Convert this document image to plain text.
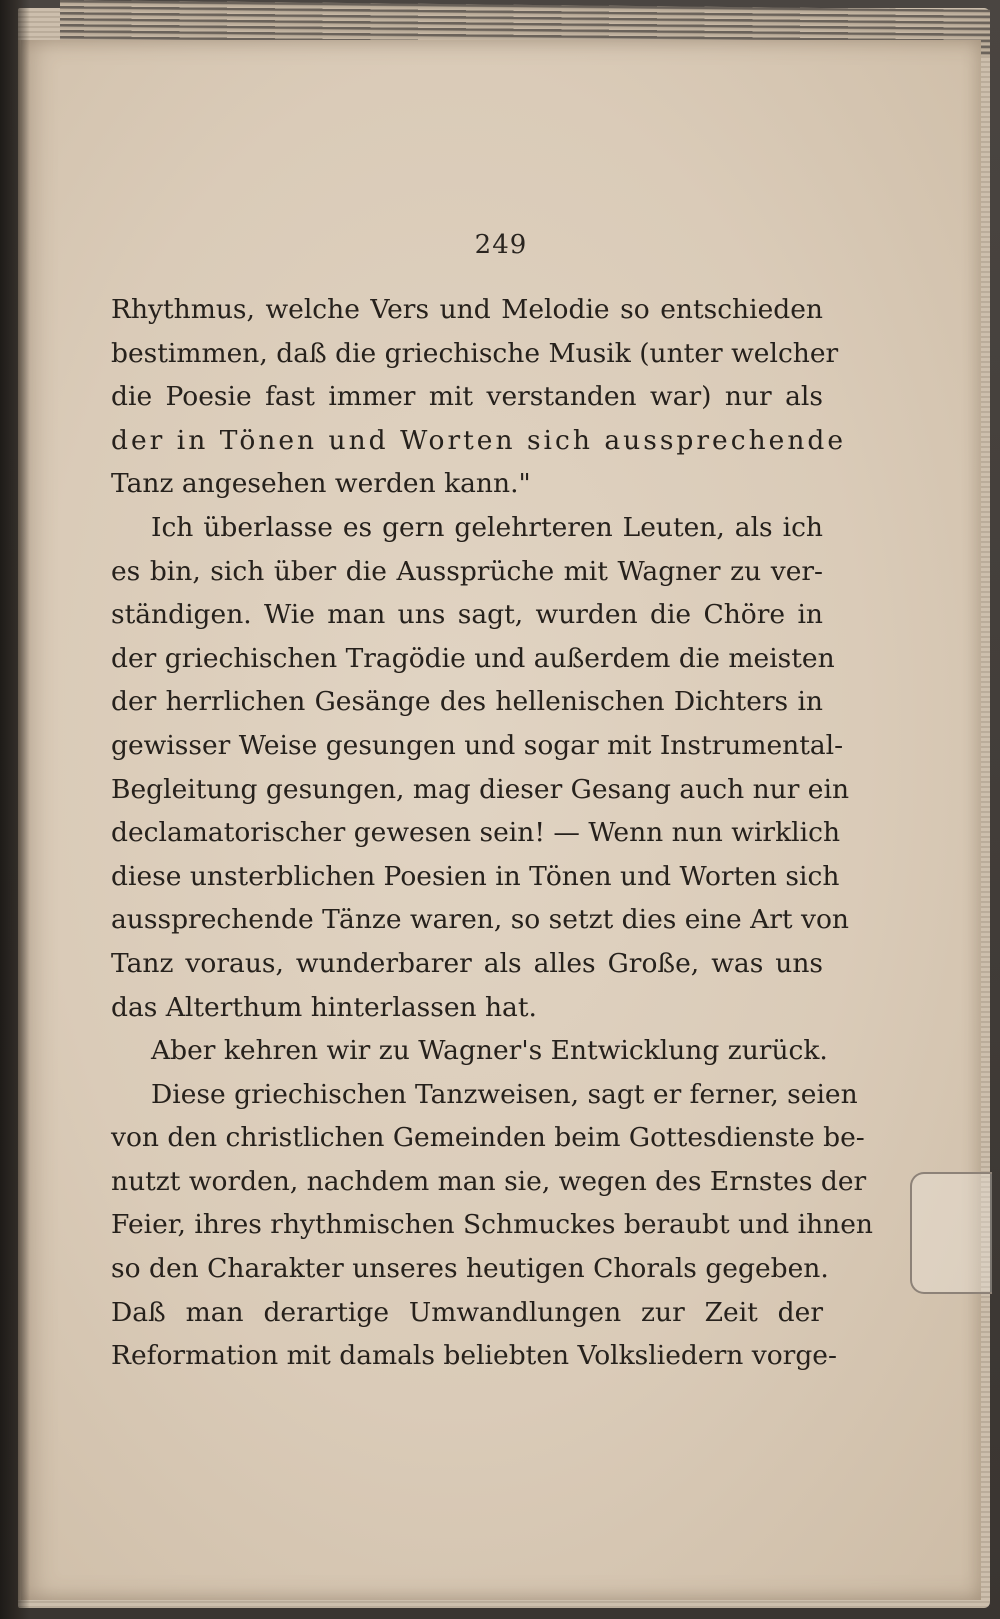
249
Rhythmus, welche Vers und Melodie so entschieden
bestimmen, daß die griechische Musik (unter welcher
die Poesie fast immer mit verstanden war) nur als
der in Tönen und Worten sich aussprechende
Tanz angesehen werden kann."
Ich überlasse es gern gelehrteren Leuten, als ich
es bin, sich über die Aussprüche mit Wagner zu ver-
ständigen. Wie man uns sagt, wurden die Chöre in
der griechischen Tragödie und außerdem die meisten
der herrlichen Gesänge des hellenischen Dichters in
gewisser Weise gesungen und sogar mit Instrumental-
Begleitung gesungen, mag dieser Gesang auch nur ein
declamatorischer gewesen sein! — Wenn nun wirklich
diese unsterblichen Poesien in Tönen und Worten sich
aussprechende Tänze waren, so setzt dies eine Art von
Tanz voraus, wunderbarer als alles Große, was uns
das Alterthum hinterlassen hat.
Aber kehren wir zu Wagner's Entwicklung zurück.
Diese griechischen Tanzweisen, sagt er ferner, seien
von den christlichen Gemeinden beim Gottesdienste be-
nutzt worden, nachdem man sie, wegen des Ernstes der
Feier, ihres rhythmischen Schmuckes beraubt und ihnen
so den Charakter unseres heutigen Chorals gegeben.
Daß man derartige Umwandlungen zur Zeit der
Reformation mit damals beliebten Volksliedern vorge-
